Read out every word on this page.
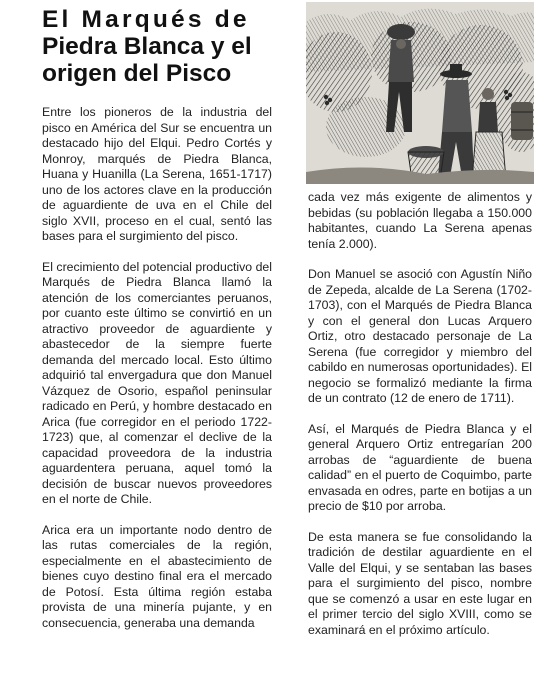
El Marqués de
Piedra Blanca y el
origen del Pisco

Entre los pioneros de la industria del pisco en América del Sur se encuentra un destacado hijo del Elqui. Pedro Cortés y Monroy, marqués de Piedra Blanca, Huana y Huanilla (La Serena, 1651-1717) uno de los actores clave en la producción de aguardiente de uva en el Chile del siglo XVII, proceso en el cual, sentó las bases para el surgimiento del pisco.

El crecimiento del potencial productivo del Marqués de Piedra Blanca llamó la atención de los comerciantes peruanos, por cuanto este último se convirtió en un atractivo proveedor de aguardiente y abastecedor de la siempre fuerte demanda del mercado local. Esto último adquirió tal envergadura que don Manuel Vázquez de Osorio, español peninsular radicado en Perú, y hombre destacado en Arica (fue corregidor en el periodo 1722-1723) que, al comenzar el declive de la capacidad proveedora de la industria aguardentera peruana, aquel tomó la decisión de buscar nuevos proveedores en el norte de Chile.

Arica era un importante nodo dentro de las rutas comerciales de la región, especialmente en el abastecimiento de bienes cuyo destino final era el mercado de Potosí. Esta última región estaba provista de una minería pujante, y en consecuencia, generaba una demanda

cada vez más exigente de alimentos y bebidas (su población llegaba a 150.000 habitantes, cuando La Serena apenas tenía 2.000).

Don Manuel se asoció con Agustín Niño de Zepeda, alcalde de La Serena (1702-1703), con el Marqués de Piedra Blanca y con el general don Lucas Arquero Ortiz, otro destacado personaje de La Serena (fue corregidor y miembro del cabildo en numerosas oportunidades). El negocio se formalizó mediante la firma de un contrato (12 de enero de 1711).

Así, el Marqués de Piedra Blanca y el general Arquero Ortiz entregarían 200 arrobas de “aguardiente de buena calidad” en el puerto de Coquimbo, parte envasada en odres, parte en botijas a un precio de $10 por arroba.

De esta manera se fue consolidando la tradición de destilar aguardiente en el Valle del Elqui, y se sentaban las bases para el surgimiento del pisco, nombre que se comenzó a usar en este lugar en el primer tercio del siglo XVIII, como se examinará en el próximo artículo.
